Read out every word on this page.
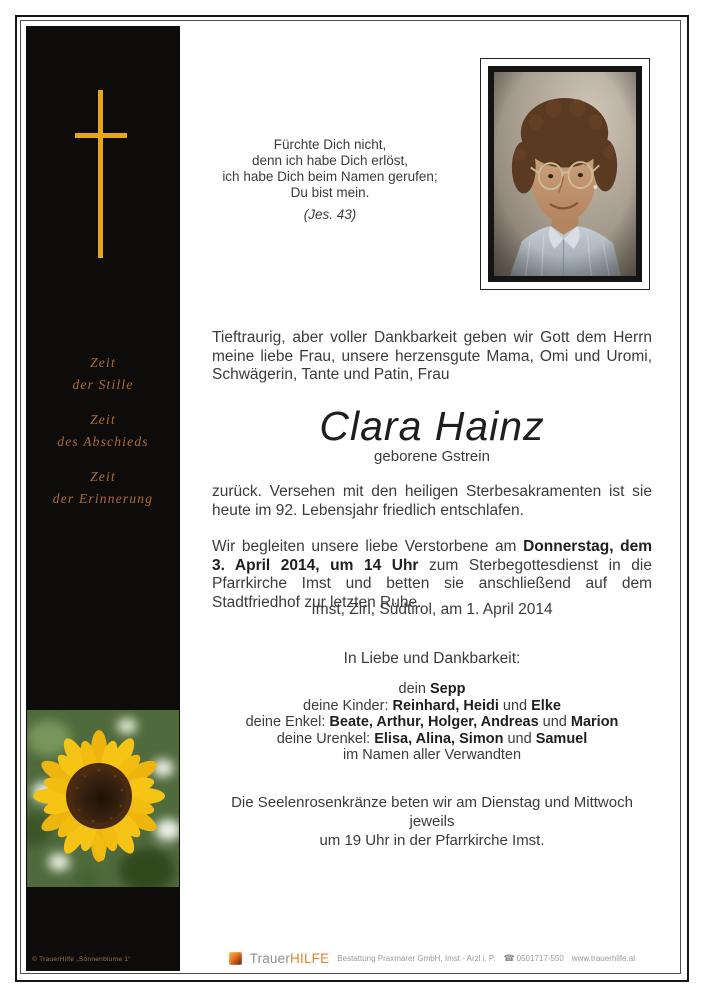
Zeit
der Stille
Zeit
des Abschieds
Zeit
der Erinnerung
© TrauerHilfe „Sonnenblume 1“
Fürchte Dich nicht,
denn ich habe Dich erlöst,
ich habe Dich beim Namen gerufen;
Du bist mein.
(Jes. 43)
Tieftraurig, aber voller Dankbarkeit geben wir Gott dem Herrn meine liebe Frau, unsere herzensgute Mama, Omi und Uromi, Schwägerin, Tante und Patin, Frau
Clara Hainz
geborene Gstrein
zurück. Versehen mit den heiligen Sterbesakramenten ist sie heute im 92. Lebensjahr friedlich entschlafen.
Wir begleiten unsere liebe Verstorbene am Donnerstag, dem 3. April 2014, um 14 Uhr zum Sterbegottesdienst in die Pfarrkirche Imst und betten sie anschließend auf dem Stadtfriedhof zur letzten Ruhe.
Imst, Zirl, Südtirol, am 1. April 2014
In Liebe und Dankbarkeit:
dein Sepp
deine Kinder: Reinhard, Heidi und Elke
deine Enkel: Beate, Arthur, Holger, Andreas und Marion
deine Urenkel: Elisa, Alina, Simon und Samuel
im Namen aller Verwandten
Die Seelenrosenkränze beten wir am Dienstag und Mittwoch jeweils
um 19 Uhr in der Pfarrkirche Imst.
TrauerHILFE Bestattung Praxmarer GmbH, Imst - Arzl i. P. ☎ 0501717-550 www.trauerhilfe.at
